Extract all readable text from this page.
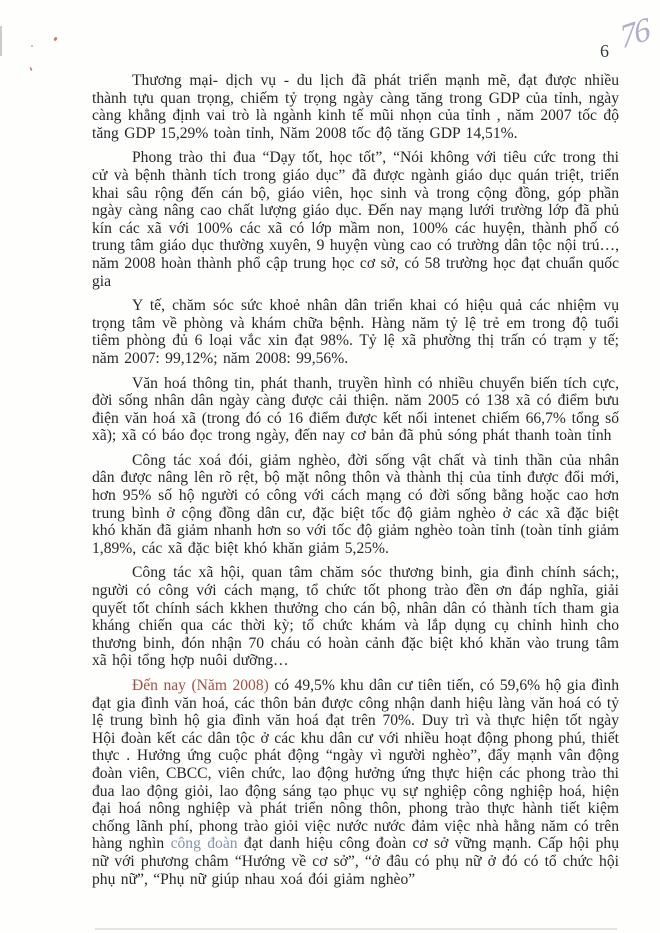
76
6

Thương mại- dịch vụ - du lịch đã phát triển mạnh mẽ, đạt được nhiều thành tựu quan trọng, chiếm tỷ trọng ngày càng tăng trong GDP của tỉnh, ngày càng khẳng định vai trò là ngành kinh tế mũi nhọn của tỉnh , năm 2007 tốc độ tăng GDP 15,29% toàn tỉnh, Năm 2008 tốc độ tăng GDP 14,51%.

Phong trào thi đua “Dạy tốt, học tốt”, “Nói không với tiêu cức trong thi cử và bệnh thành tích trong giáo dục” đã được ngành giáo dục quán triệt, triển khai sâu rộng đến cán bộ, giáo viên, học sinh và trong cộng đồng, góp phần ngày càng nâng cao chất lượng giáo dục. Đến nay mạng lưới trường lớp đã phủ kín các xã với 100% các xã có lớp mầm non, 100% các huyện, thành phố có trung tâm giáo dục thường xuyên, 9 huyện vùng cao có trường dân tộc nội trú…, năm 2008 hoàn thành phổ cập trung học cơ sở, có 58 trường học đạt chuẩn quốc gia

Y tế, chăm sóc sức khoẻ nhân dân triển khai có hiệu quả các nhiệm vụ trọng tâm về phòng và khám chữa bệnh. Hàng năm tỷ lệ trẻ em trong độ tuổi tiêm phòng đủ 6 loại vắc xin đạt 98%. Tỷ lệ xã phường thị trấn có trạm y tế; năm 2007: 99,12%; năm 2008: 99,56%.

Văn hoá thông tin, phát thanh, truyền hình có nhiều chuyển biến tích cực, đời sống nhân dân ngày càng được cải thiện. năm 2005 có 138 xã có điểm bưu điện văn hoá xã (trong đó có 16 điểm được kết nối intenet chiếm 66,7% tổng số xã); xã có báo đọc trong ngày, đến nay cơ bản đã phủ sóng phát thanh toàn tỉnh

Công tác xoá đói, giảm nghèo, đời sống vật chất và tinh thần của nhân dân được nâng lên rõ rệt, bộ mặt nông thôn và thành thị của tỉnh được đổi mới, hơn 95% số hộ người có công với cách mạng có đời sống bằng hoặc cao hơn trung bình ở cộng đồng dân cư, đặc biệt tốc độ giảm nghèo ở các xã đặc biệt khó khăn đã giảm nhanh hơn so với tốc độ giảm nghèo toàn tỉnh (toàn tỉnh giảm 1,89%, các xã đặc biệt khó khăn giảm 5,25%.

Công tác xã hội, quan tâm chăm sóc thương binh, gia đình chính sách;, người có công với cách mạng, tổ chức tốt phong trào đền ơn đáp nghĩa, giải quyết tốt chính sách kkhen thưởng cho cán bộ, nhân dân có thành tích tham gia kháng chiến qua các thời kỳ; tổ chức khám và lắp dụng cụ chỉnh hình cho thương binh, đón nhận 70 cháu có hoàn cảnh đặc biệt khó khăn vào trung tâm xã hội tổng hợp nuôi dưỡng…

Đến nay (Năm 2008) có 49,5% khu dân cư tiên tiến, có 59,6% hộ gia đình đạt gia đình văn hoá, các thôn bản được công nhận danh hiệu làng văn hoá có tỷ lệ trung bình hộ gia đình văn hoá đạt trên 70%. Duy trì và thực hiện tốt ngày Hội đoàn kết các dân tộc ở các khu dân cư với nhiều hoạt động phong phú, thiết thực . Hưởng ứng cuộc phát động “ngày vì người nghèo”, đẩy mạnh vân động đoàn viên, CBCC, viên chức, lao động hưởng ứng thực hiện các phong trào thi đua lao động giỏi, lao động sáng tạo phục vụ sự nghiệp công nghiệp hoá, hiện đại hoá nông nghiệp và phát triển nông thôn, phong trào thực hành tiết kiệm chống lãnh phí, phong trào giỏi việc nước nước đảm việc nhà hằng năm có trên hàng nghìn công đoàn đạt danh hiệu công đoàn cơ sở vững mạnh. Cấp hội phụ nữ với phương châm “Hướng về cơ sở”, “ở đâu có phụ nữ ở đó có tổ chức hội phụ nữ”, “Phụ nữ giúp nhau xoá đói giảm nghèo”
